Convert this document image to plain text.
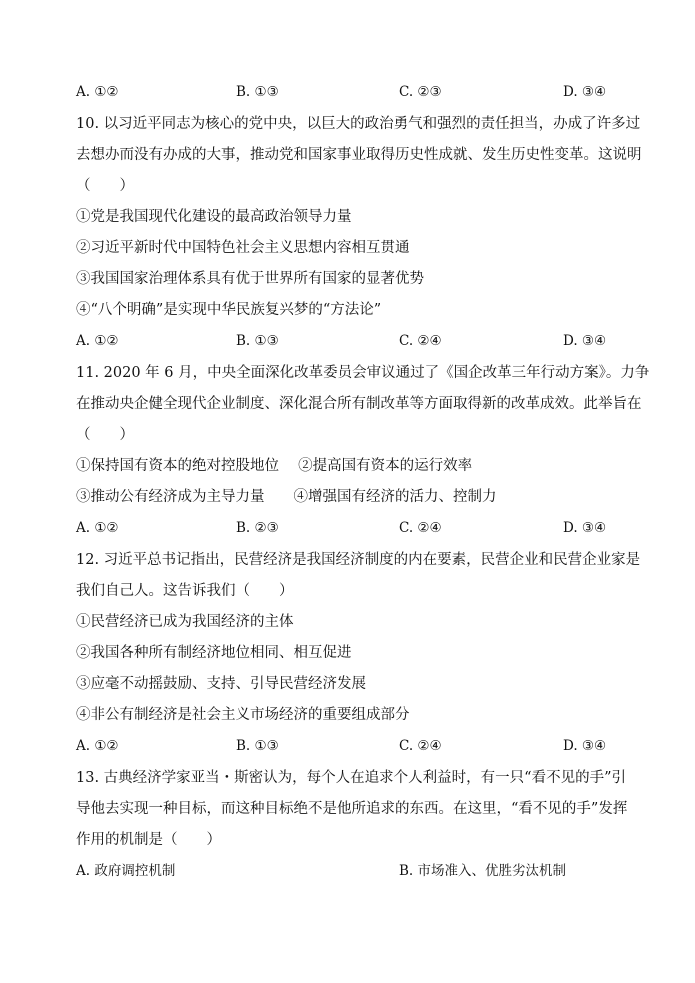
A. ①②	B. ①③	C. ②③	D. ③④
10. 以习近平同志为核心的党中央，以巨大的政治勇气和强烈的责任担当，办成了许多过
去想办而没有办成的大事，推动党和国家事业取得历史性成就、发生历史性变革。这说明
（　　）
①党是我国现代化建设的最高政治领导力量
②习近平新时代中国特色社会主义思想内容相互贯通
③我国国家治理体系具有优于世界所有国家的显著优势
④“八个明确”是实现中华民族复兴梦的“方法论”
A. ①②	B. ①③	C. ②④	D. ③④
11. 2020 年 6 月，中央全面深化改革委员会审议通过了《国企改革三年行动方案》。力争
在推动央企健全现代企业制度、深化混合所有制改革等方面取得新的改革成效。此举旨在
（　　）
①保持国有资本的绝对控股地位　 ②提高国有资本的运行效率
③推动公有经济成为主导力量　　④增强国有经济的活力、控制力
A. ①②	B. ②③	C. ②④	D. ③④
12. 习近平总书记指出，民营经济是我国经济制度的内在要素，民营企业和民营企业家是
我们自己人。这告诉我们（　　）
①民营经济已成为我国经济的主体
②我国各种所有制经济地位相同、相互促进
③应毫不动摇鼓励、支持、引导民营经济发展
④非公有制经济是社会主义市场经济的重要组成部分
A. ①②	B. ①③	C. ②④	D. ③④
13. 古典经济学家亚当・斯密认为，每个人在追求个人利益时，有一只“看不见的手”引
导他去实现一种目标，而这种目标绝不是他所追求的东西。在这里，“看不见的手”发挥
作用的机制是（　　）
A. 政府调控机制	B. 市场准入、优胜劣汰机制
